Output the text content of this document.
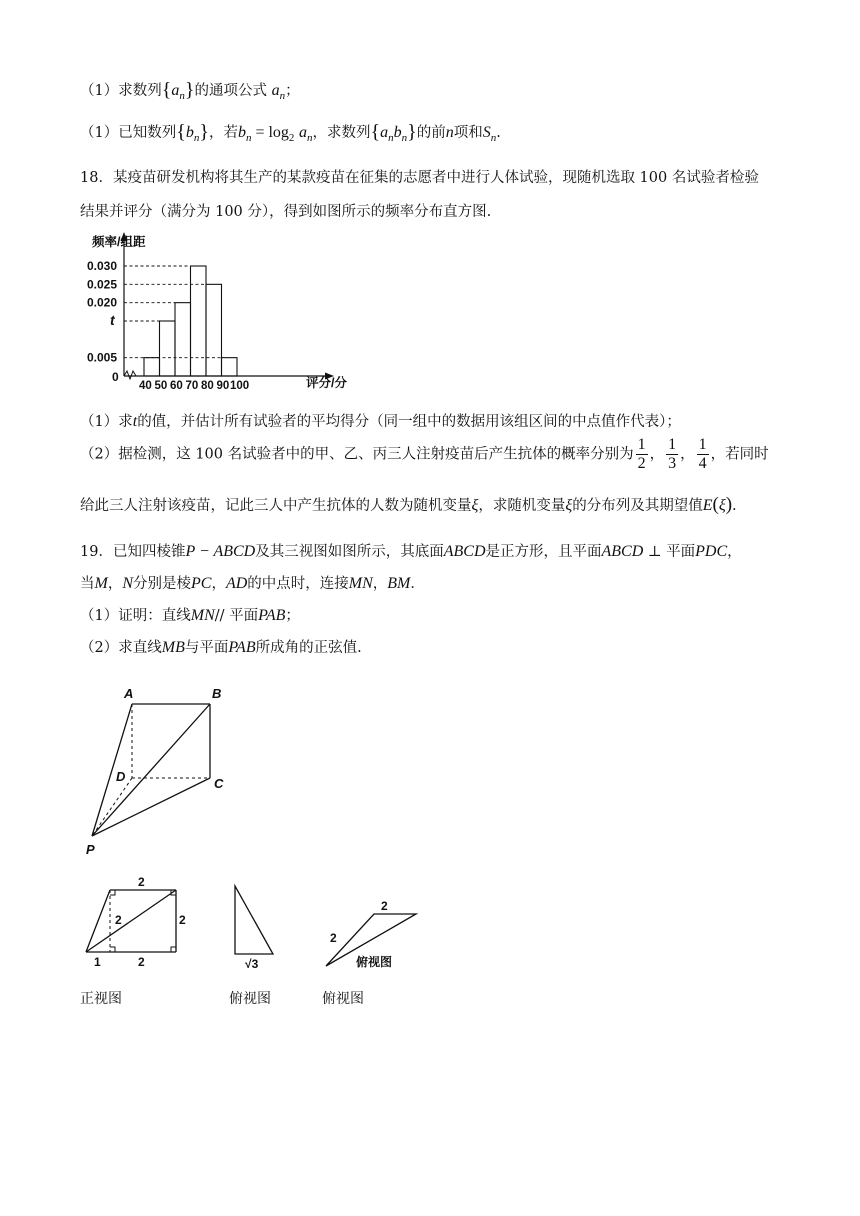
（1）求数列$\{a_n\}$的通项公式 $a_n$；
（1）已知数列$\{b_n\}$，若$b_n = \log_2 a_n$，求数列$\{a_nb_n\}$的前n项和$S_n$.
18．某疫苗研发机构将其生产的某款疫苗在征集的志愿者中进行人体试验，现随机选取 100 名试验者检验
结果并评分（满分为 100 分），得到如图所示的频率分布直方图.
频率/组距
评分/分
0.030
0.025
0.020
t
0.005
0
40 50 60 70 80 90 100
（1）求t的值，并估计所有试验者的平均得分（同一组中的数据用该组区间的中点值作代表）；
（2）据检测，这 100 名试验者中的甲、乙、丙三人注射疫苗后产生抗体的概率分别为 $\frac{1}{2}$ ， $\frac{1}{3}$ ， $\frac{1}{4}$ ，若同时
给此三人注射该疫苗，记此三人中产生抗体的人数为随机变量ξ，求随机变量ξ的分布列及其期望值E(ξ).
19．已知四棱锥P − ABCD及其三视图如图所示，其底面ABCD是正方形，且平面ABCD ⊥ 平面PDC，
当M，N分别是棱PC，AD的中点时，连接MN，BM．
（1）证明：直线MN// 平面PAB；
（2）求直线MB与平面PAB所成角的正弦值.
A	B
C
D
P
2
2	2
1	2	√3
2
2
俯视图
正视图	俯视图	俯视图
